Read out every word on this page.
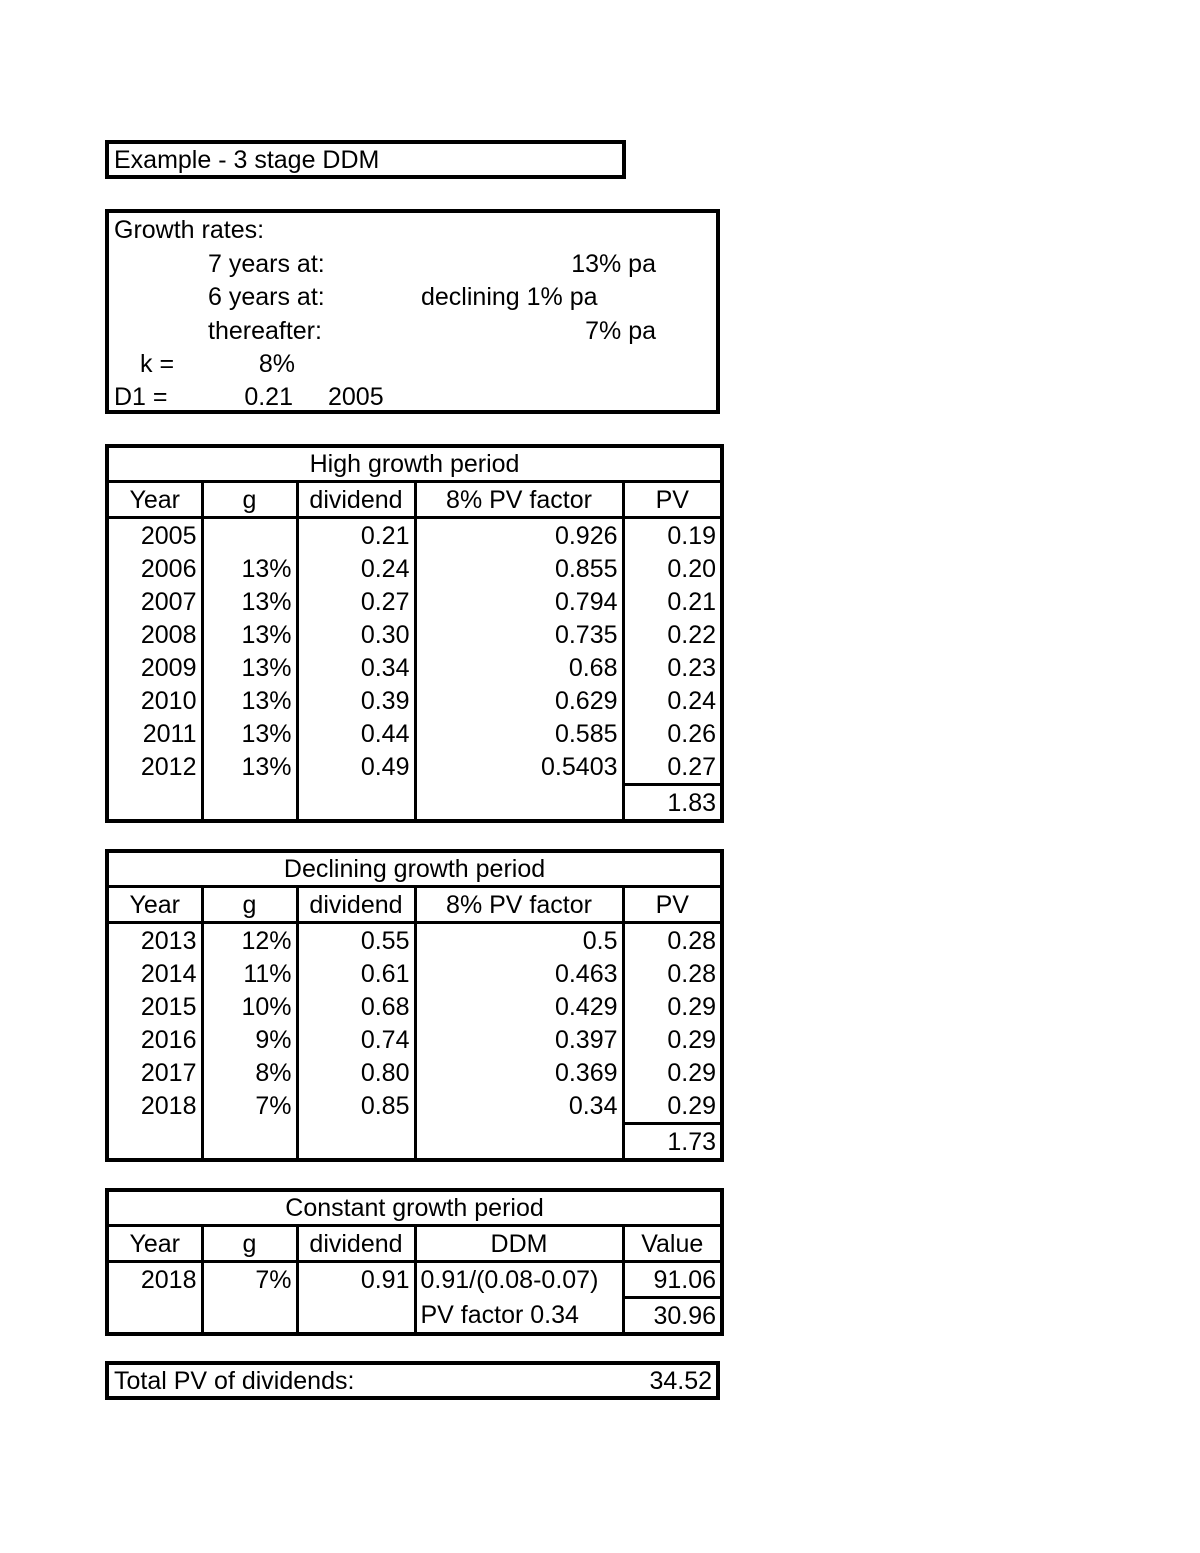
Example - 3 stage DDM
Growth rates:
7 years at:	13% pa
6 years at:	declining 1% pa
thereafter:	7% pa
k =	8%
D1 =	0.21 2005
High growth period				
Year	g	dividend	8% PV factor	PV
2005		0.21	0.926	0.19
2006	13%	0.24	0.855	0.20
2007	13%	0.27	0.794	0.21
2008	13%	0.30	0.735	0.22
2009	13%	0.34	0.68	0.23
2010	13%	0.39	0.629	0.24
2011	13%	0.44	0.585	0.26
2012	13%	0.49	0.5403	0.27
				1.83
Declining growth period				
Year	g	dividend	8% PV factor	PV
2013	12%	0.55	0.5	0.28
2014	11%	0.61	0.463	0.28
2015	10%	0.68	0.429	0.29
2016	9%	0.74	0.397	0.29
2017	8%	0.80	0.369	0.29
2018	7%	0.85	0.34	0.29
				1.73
Constant growth period				
Year	g	dividend	DDM	Value
2018	7%	0.91	0.91/(0.08-0.07)	91.06
			PV factor 0.34	30.96
Total PV of dividends:	34.52
